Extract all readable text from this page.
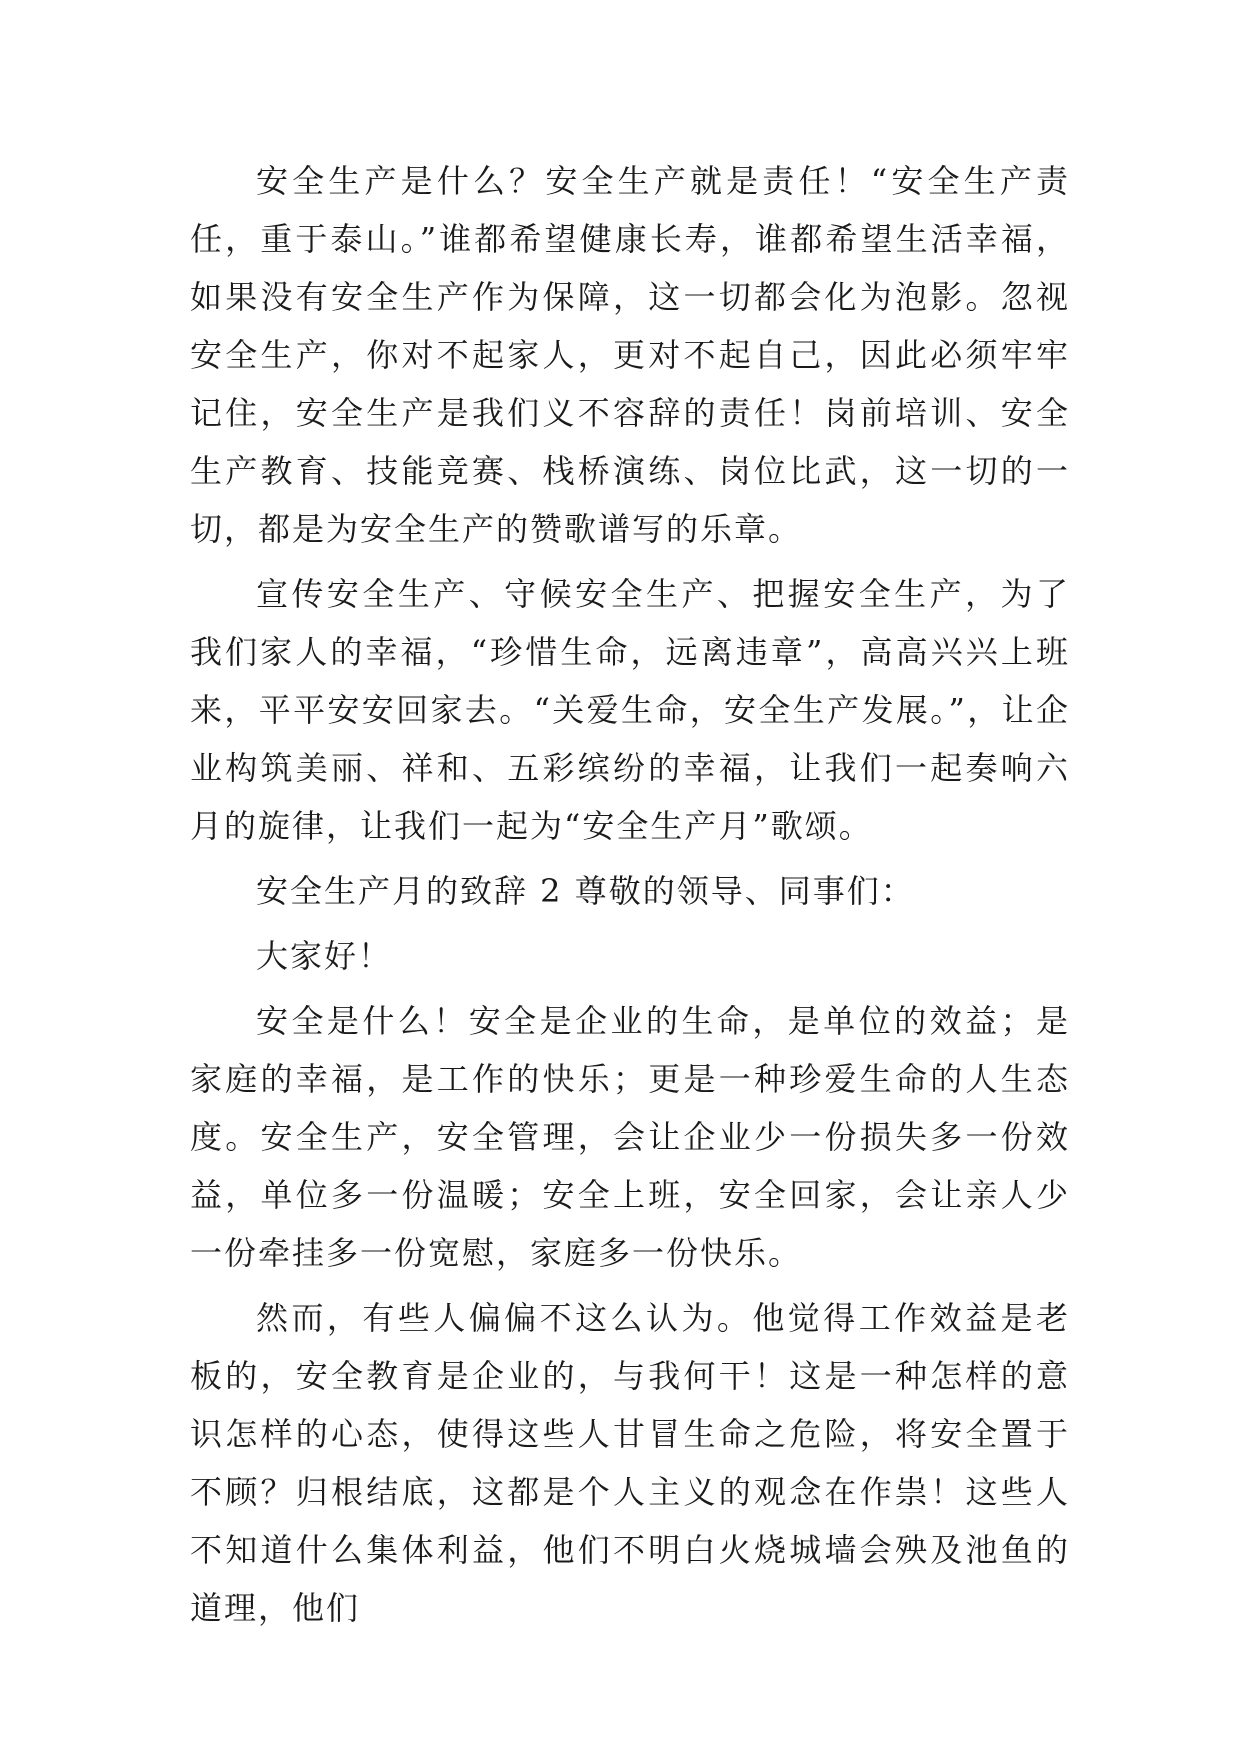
安全生产是什么？安全生产就是责任！“安全生产责任，重于泰山。”谁都希望健康长寿，谁都希望生活幸福，如果没有安全生产作为保障，这一切都会化为泡影。忽视安全生产，你对不起家人，更对不起自己，因此必须牢牢记住，安全生产是我们义不容辞的责任！岗前培训、安全生产教育、技能竞赛、栈桥演练、岗位比武，这一切的一切，都是为安全生产的赞歌谱写的乐章。

宣传安全生产、守候安全生产、把握安全生产，为了我们家人的幸福，“珍惜生命，远离违章”，高高兴兴上班来，平平安安回家去。“关爱生命，安全生产发展。”，让企业构筑美丽、祥和、五彩缤纷的幸福，让我们一起奏响六月的旋律，让我们一起为“安全生产月”歌颂。

安全生产月的致辞 2 尊敬的领导、同事们：

大家好！

安全是什么！安全是企业的生命，是单位的效益；是家庭的幸福，是工作的快乐；更是一种珍爱生命的人生态度。安全生产，安全管理，会让企业少一份损失多一份效益，单位多一份温暖；安全上班，安全回家，会让亲人少一份牵挂多一份宽慰，家庭多一份快乐。

然而，有些人偏偏不这么认为。他觉得工作效益是老板的，安全教育是企业的，与我何干！这是一种怎样的意识怎样的心态，使得这些人甘冒生命之危险，将安全置于不顾？归根结底，这都是个人主义的观念在作祟！这些人不知道什么集体利益，他们不明白火烧城墙会殃及池鱼的道理，他们
